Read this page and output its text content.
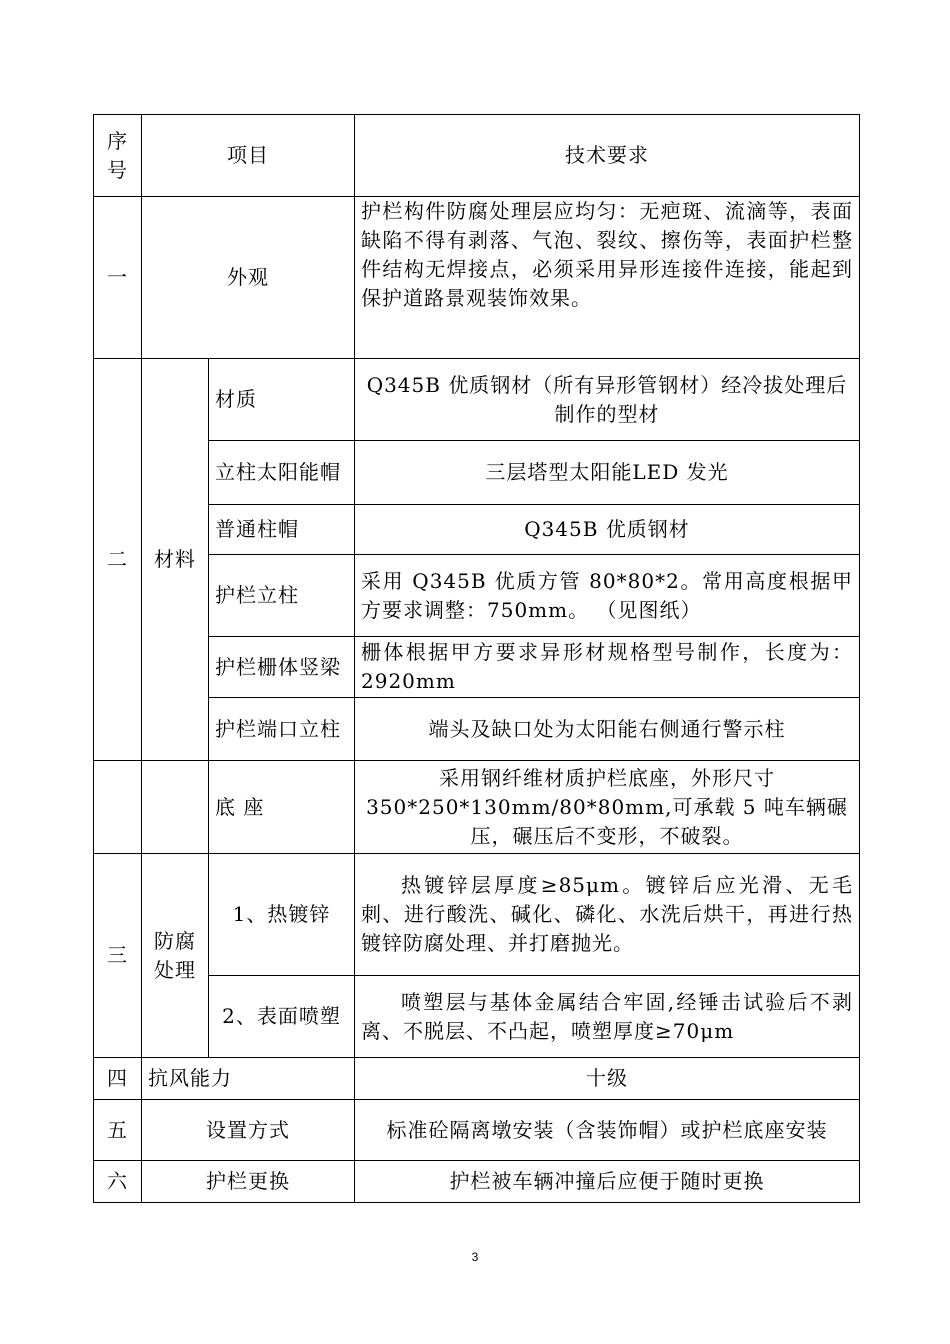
序号	项目		技术要求
一	外观		护栏构件防腐处理层应均匀：无疤斑、流滴等，表面缺陷不得有剥落、气泡、裂纹、擦伤等，表面护栏整件结构无焊接点，必须采用异形连接件连接，能起到保护道路景观装饰效果。
二	材料	材质	Q345B 优质钢材（所有异形管钢材）经冷拔处理后制作的型材
		立柱太阳能帽	三层塔型太阳能LED 发光
		普通柱帽	Q345B 优质钢材
		护栏立柱	采用 Q345B 优质方管 80*80*2。常用高度根据甲方要求调整：750mm。 （见图纸）
		护栏栅体竖梁	栅体根据甲方要求异形材规格型号制作，长度为：2920mm
		护栏端口立柱	端头及缺口处为太阳能右侧通行警示柱
		底 座	采用钢纤维材质护栏底座，外形尺寸350*250*130mm/80*80mm,可承载 5 吨车辆碾压，碾压后不变形，不破裂。
三	防腐处理	1、热镀锌	热镀锌层厚度≥85μm。镀锌后应光滑、无毛刺、进行酸洗、碱化、磷化、水洗后烘干，再进行热镀锌防腐处理、并打磨抛光。
		2、表面喷塑	喷塑层与基体金属结合牢固,经锤击试验后不剥离、不脱层、不凸起，喷塑厚度≥70μm
四	抗风能力		十级
五	设置方式		标准砼隔离墩安装（含装饰帽）或护栏底座安装
六	护栏更换		护栏被车辆冲撞后应便于随时更换
3
